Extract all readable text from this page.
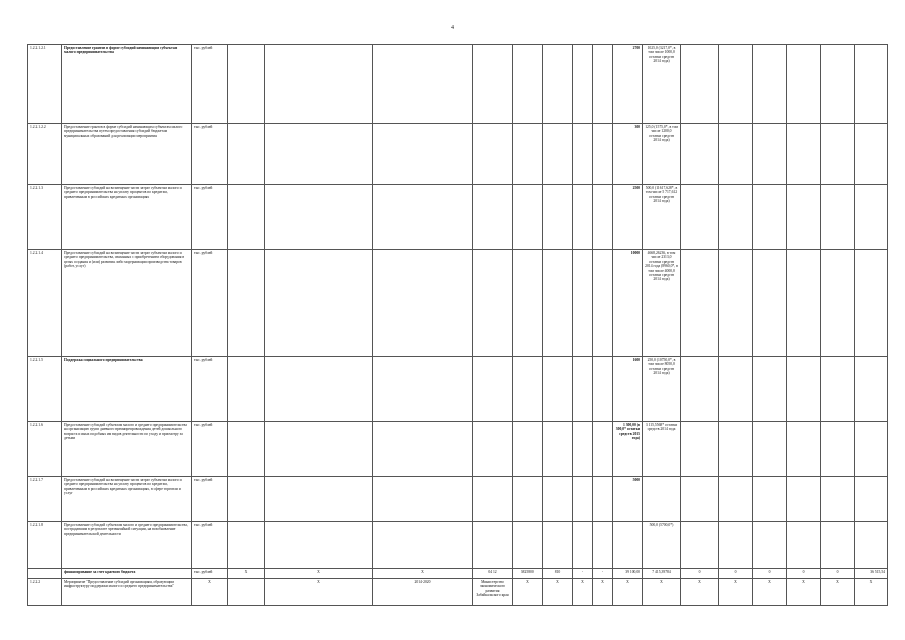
4
1.2.2.1.2.1	Предоставление грантов в форме субсидий начинающим субъектам малого предпринимательства	тыс. рублей									2700	1025,0 (3217,0*, в том числе 1000,0 остатки средств 2014 года)						
1.2.2.1.2.2	Предоставление грантов в форме субсидий начинающим субъектам малого предпринимательства путем предоставления субсидий бюджетам муниципальных образований для реализации мероприятия	тыс. рублей									300	125,0 (1575,0*, в том числе 1200,0 остатки средств 2014 года)						
1.2.2.1.3	Предоставление субсидий на возмещение части затрат субъектам малого и среднего предпринимательства на уплату процентов по кредитам, привлеченным в российских кредитных организациях	тыс. рублей									2500	500,0 (11617,628*, в том числе 5 717,612 остатки средств 2014 года)						
1.2.2.1.4	Предоставление субсидий на возмещение части затрат субъектам малого и среднего предпринимательства, связанных с приобретением оборудования в целях создания и (или) развития либо модернизации производства товаров (работ, услуг)	тыс. рублей									10000	4668,26236, в том числе 2313,0 остатки средств 2014 года (8960,0*, в том числе 4000,0 остатки средств 2014 года)						
1.2.2.1.5	Поддержка социального предпринимательства	тыс. рублей									1600	250,0 (10750,0*, в том числе 8050,0 остатки средств 2014 года)						
1.2.2.1.6	Предоставление субсидий субъектам малого и среднего предпринимательства на организацию групп дневного времяпрепровождения детей дошкольного возраста и иных подобных им видов деятельности по уходу и присмотру за детьми	тыс. рублей									1 300,00 (в 300,0* остатки средств 2015 года)	3 115,5568* остатки средств 2014 года						
1.2.2.1.7	Предоставление субсидий на возмещение части затрат субъектам малого и среднего предпринимательства на уплату процентов по кредитам, привлеченным в российских кредитных организациях, в сфере торговли и услуг	тыс. рублей									5000							
1.2.2.1.8	Предоставление субсидий субъектам малого и среднего предпринимательства, пострадавшим в результате чрезвычайной ситуации, на возобновление предпринимательской деятельности	тыс. рублей										500,0 (5700,0*)						
	финансирование за счет краевого бюджета	тыс. рублей	Х	Х	Х	04 12	M25800	810	-	-	39 100,00	7 415,39784	0	0	0	0	0	36 515,54
1.2.2.2	Мероприятие "Предоставление субсидий организациям, образующим инфраструктуру поддержки малого и среднего предпринимательства"	Х		Х	2014-2020	Министерство экономического развития Забайкальского края	Х	Х	Х	Х	Х	Х	Х	Х	Х	Х	Х	Х
